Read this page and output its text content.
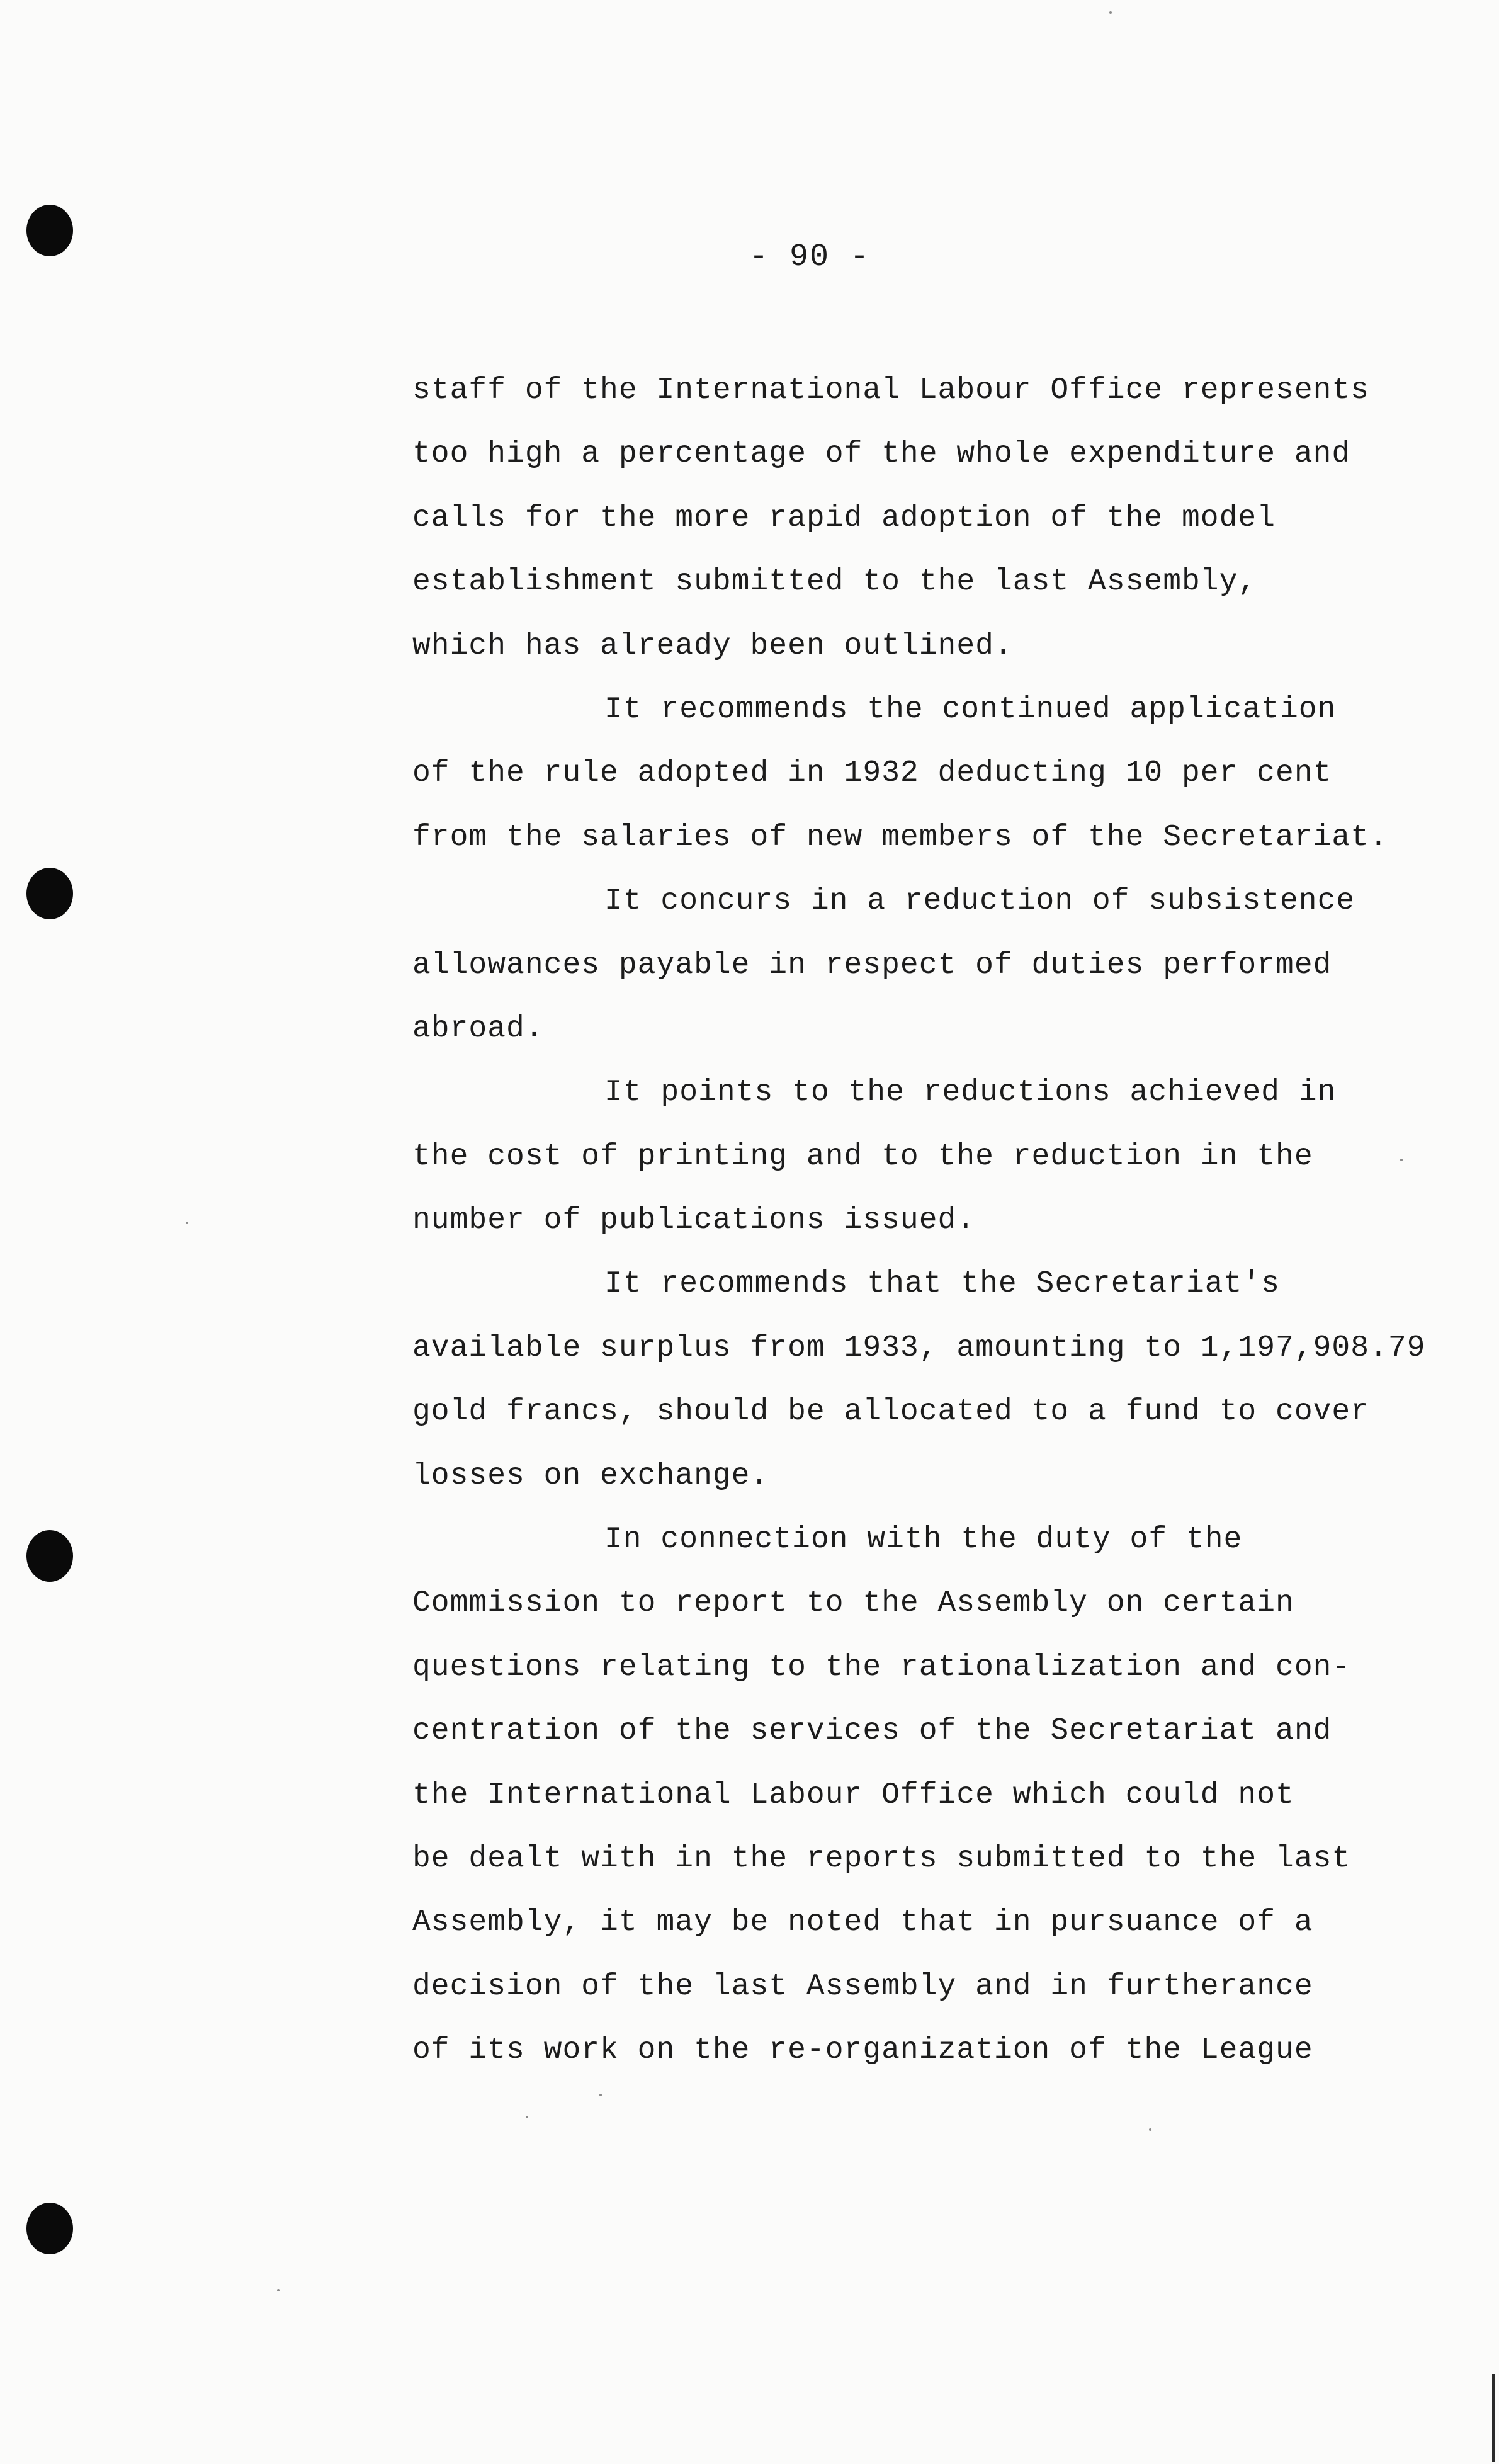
- 90 -
staff of the International Labour Office represents
too high a percentage of the whole expenditure and
calls for the more rapid adoption of the model
establishment submitted to the last Assembly,
which has already been outlined.
It recommends the continued application
of the rule adopted in 1932 deducting 10 per cent
from the salaries of new members of the Secretariat.
It concurs in a reduction of subsistence
allowances payable in respect of duties performed
abroad.
It points to the reductions achieved in
the cost of printing and to the reduction in the
number of publications issued.
It recommends that the Secretariat's
available surplus from 1933, amounting to 1,197,908.79
gold francs, should be allocated to a fund to cover
losses on exchange.
In connection with the duty of the
Commission to report to the Assembly on certain
questions relating to the rationalization and con-
centration of the services of the Secretariat and
the International Labour Office which could not
be dealt with in the reports submitted to the last
Assembly, it may be noted that in pursuance of a
decision of the last Assembly and in furtherance
of its work on the re-organization of the League
